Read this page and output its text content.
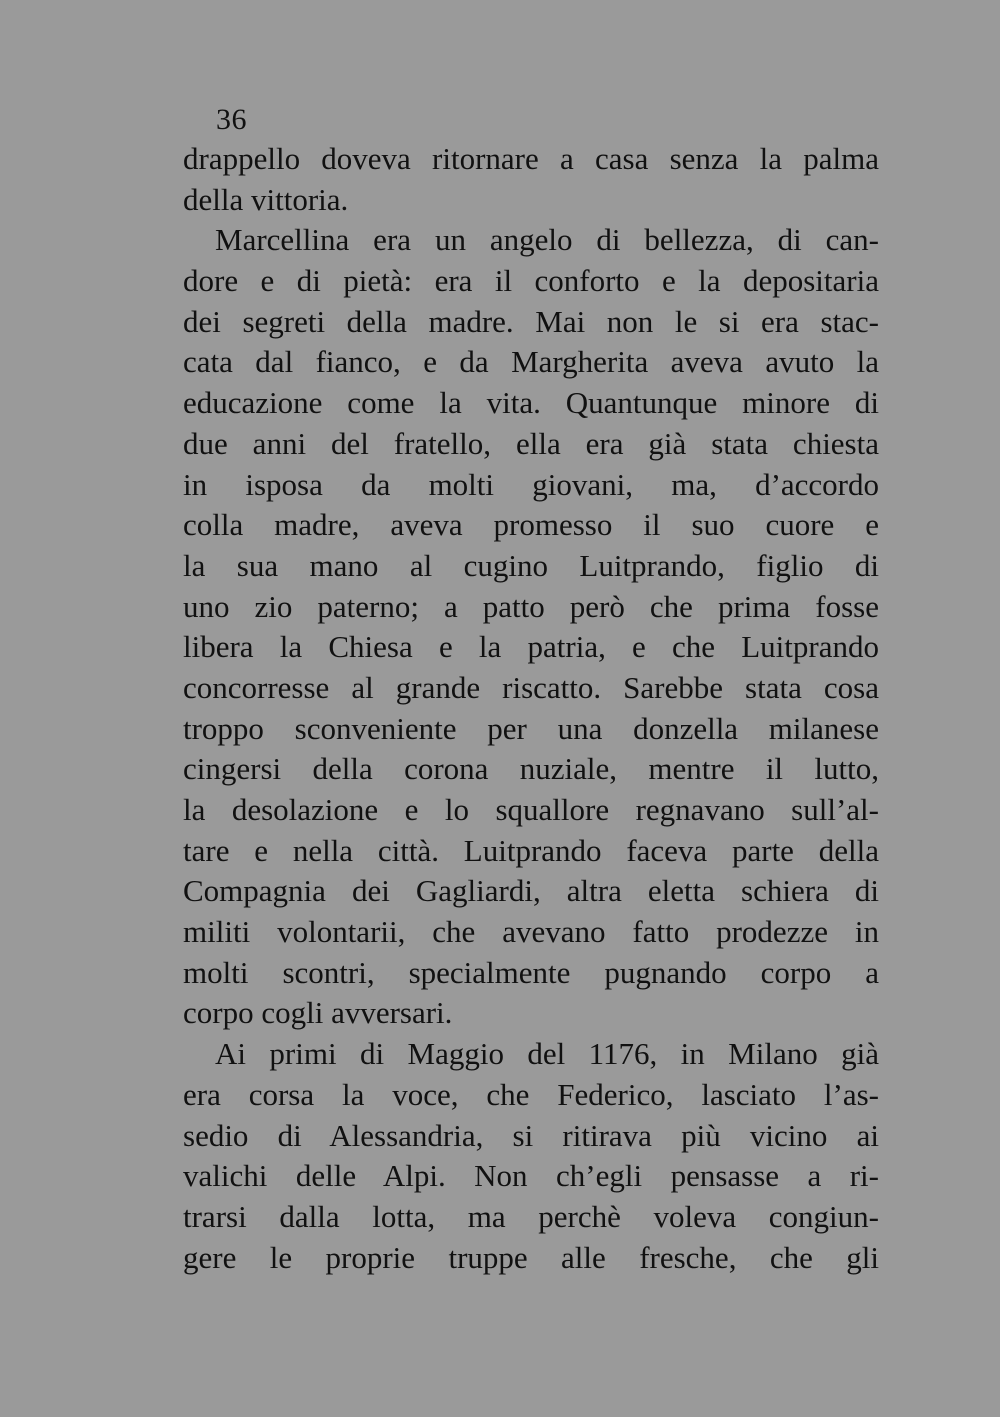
36
drappello doveva ritornare a casa senza la palma
della vittoria.
Marcellina era un angelo di bellezza, di can-
dore e di pietà: era il conforto e la depositaria
dei segreti della madre. Mai non le si era stac-
cata dal fianco, e da Margherita aveva avuto la
educazione come la vita. Quantunque minore di
due anni del fratello, ella era già stata chiesta
in isposa da molti giovani, ma, d’accordo
colla madre, aveva promesso il suo cuore e
la sua mano al cugino Luitprando, figlio di
uno zio paterno; a patto però che prima fosse
libera la Chiesa e la patria, e che Luitprando
concorresse al grande riscatto. Sarebbe stata cosa
troppo sconveniente per una donzella milanese
cingersi della corona nuziale, mentre il lutto,
la desolazione e lo squallore regnavano sull’al-
tare e nella città. Luitprando faceva parte della
Compagnia dei Gagliardi, altra eletta schiera di
militi volontarii, che avevano fatto prodezze in
molti scontri, specialmente pugnando corpo a
corpo cogli avversari.
Ai primi di Maggio del 1176, in Milano già
era corsa la voce, che Federico, lasciato l’as-
sedio di Alessandria, si ritirava più vicino ai
valichi delle Alpi. Non ch’egli pensasse a ri-
trarsi dalla lotta, ma perchè voleva congiun-
gere le proprie truppe alle fresche, che gli
